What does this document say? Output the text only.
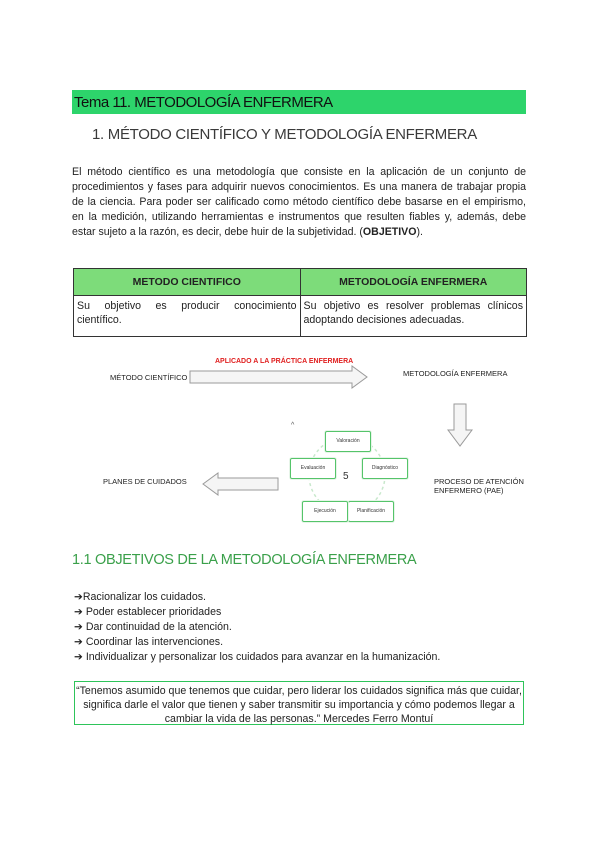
Tema 11. METODOLOGÍA ENFERMERA
1. MÉTODO CIENTÍFICO Y METODOLOGÍA ENFERMERA
El método científico es una metodología que consiste en la aplicación de un conjunto de procedimientos y fases para adquirir nuevos conocimientos. Es una manera de trabajar propia de la ciencia. Para poder ser calificado como método científico debe basarse en el empirismo, en la medición, utilizando herramientas e instrumentos que resulten fiables y, además, debe estar sujeto a la razón, es decir, debe huir de la subjetividad. (OBJETIVO).
METODO CIENTIFICO	METODOLOGÍA ENFERMERA
Su objetivo es producir conocimiento científico.	Su objetivo es resolver problemas clínicos adoptando decisiones adecuadas.
APLICADO A LA PRÁCTICA ENFERMERA
MÉTODO CIENTÍFICO	METODOLOGÍA ENFERMERA
PLANES DE CUIDADOS	PROCESO DE ATENCIÓN ENFERMERO (PAE)
^
5
Valoración
Diagnóstico
Planificación
Ejecución
Evaluación
1.1 OBJETIVOS DE LA METODOLOGÍA ENFERMERA
➔Racionalizar los cuidados.
➔ Poder establecer prioridades
➔ Dar continuidad de la atención.
➔ Coordinar las intervenciones.
➔ Individualizar y personalizar los cuidados para avanzar en la humanización.
“Tenemos asumido que tenemos que cuidar, pero liderar los cuidados significa más que cuidar, significa darle el valor que tienen y saber transmitir su importancia y cómo podemos llegar a cambiar la vida de las personas.” Mercedes Ferro Montuí
